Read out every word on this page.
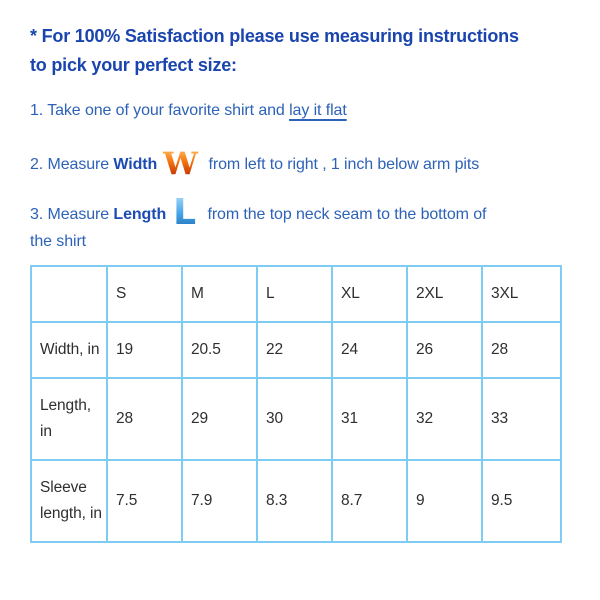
* For 100% Satisfaction please use measuring instructions
to pick your perfect size:

1. Take one of your favorite shirt and lay it flat

2. Measure Width W from left to right , 1 inch below arm pits

3. Measure Length L from the top neck seam to the bottom of
the shirt

	S	M	L	XL	2XL	3XL
Width, in	19	20.5	22	24	26	28
Length, in	28	29	30	31	32	33
Sleeve length, in	7.5	7.9	8.3	8.7	9	9.5
